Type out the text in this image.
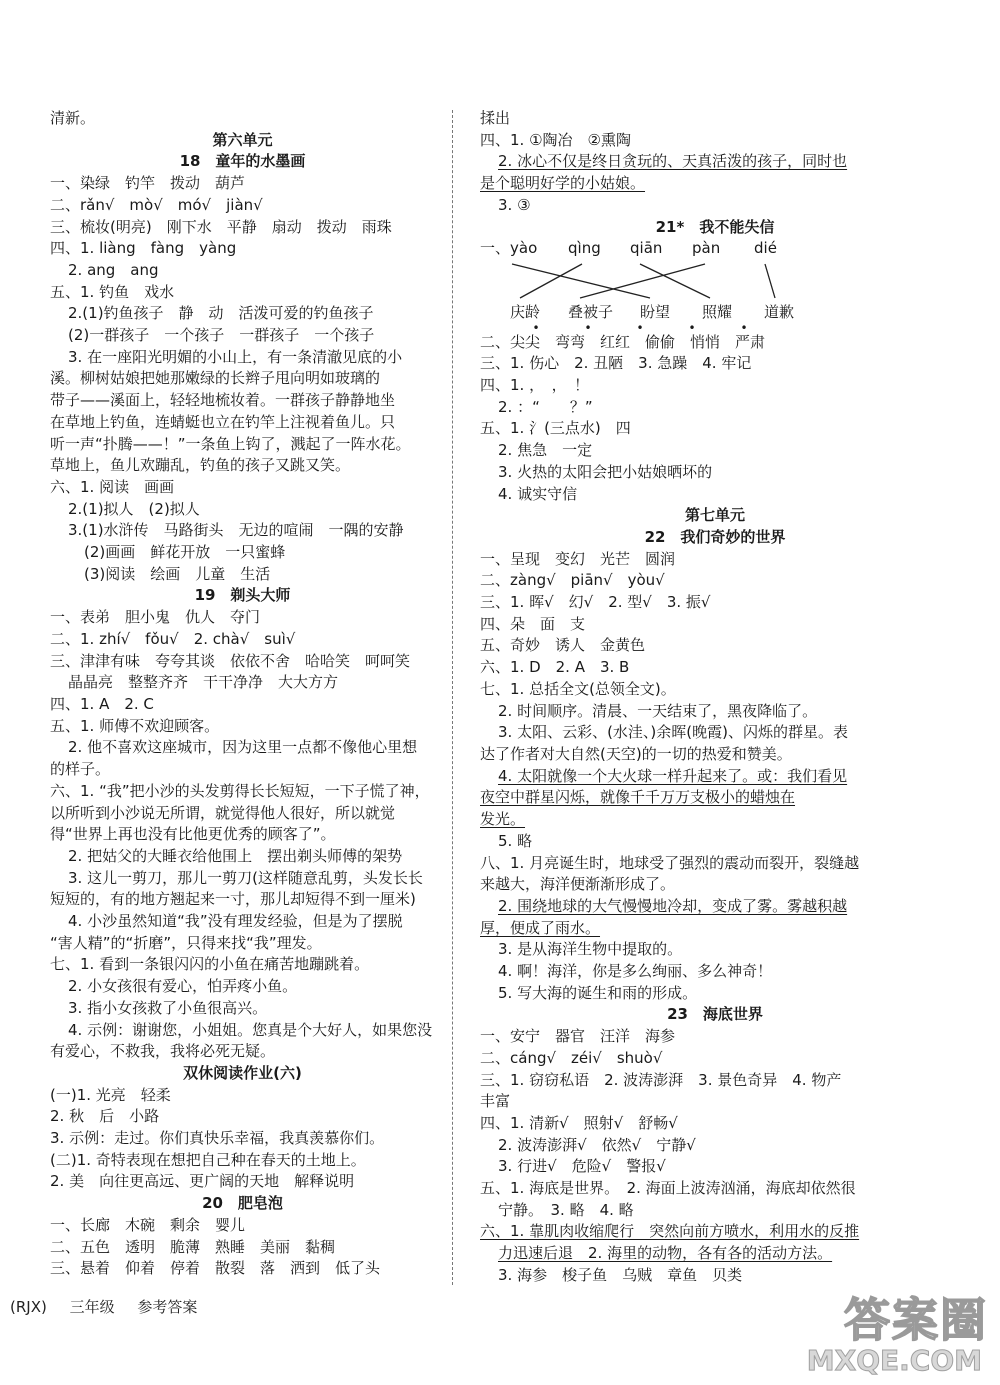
清新。
第六单元
18　童年的水墨画
一、染绿　钓竿　拨动　葫芦
二、rǎn√　mò√　mó√　jiàn√
三、梳妆(明亮)　刚下水　平静　扇动　拨动　雨珠
四、1. liàng　fàng　yàng
2. ang　ang
五、1. 钓鱼　戏水
2.(1)钓鱼孩子　静　动　活泼可爱的钓鱼孩子
(2)一群孩子　一个孩子　一群孩子　一个孩子
3. 在一座阳光明媚的小山上，有一条清澈见底的小
溪。柳树姑娘把她那嫩绿的长辫子甩向明如玻璃的
带子——溪面上，轻轻地梳妆着。一群孩子静静地坐
在草地上钓鱼，连蜻蜓也立在钓竿上注视着鱼儿。只
听一声“扑腾——！”一条鱼上钩了，溅起了一阵水花。
草地上，鱼儿欢蹦乱，钓鱼的孩子又跳又笑。
六、1. 阅读　画画
2.(1)拟人　(2)拟人
3.(1)水浒传　马路街头　无边的喧闹　一隅的安静
(2)画画　鲜花开放　一只蜜蜂
(3)阅读　绘画　儿童　生活
19　剃头大师
一、表弟　胆小鬼　仇人　夺门
二、1. zhí√　fǒu√　2. chà√　suì√
三、津津有味　夸夸其谈　依依不舍　哈哈笑　呵呵笑
晶晶亮　整整齐齐　干干净净　大大方方
四、1. A　2. C
五、1. 师傅不欢迎顾客。
2. 他不喜欢这座城市，因为这里一点都不像他心里想
的样子。
六、1. “我”把小沙的头发剪得长长短短，一下子慌了神，
以所听到小沙说无所谓，就觉得他人很好，所以就觉
得“世界上再也没有比他更优秀的顾客了”。
2. 把姑父的大睡衣给他围上　摆出剃头师傅的架势
3. 这儿一剪刀，那儿一剪刀(这样随意乱剪，头发长长
短短的，有的地方翘起来一寸，那儿却短得不到一厘米)
4. 小沙虽然知道“我”没有理发经验，但是为了摆脱
“害人精”的“折磨”，只得来找“我”理发。
七、1. 看到一条银闪闪的小鱼在痛苦地蹦跳着。
2. 小女孩很有爱心，怕弄疼小鱼。
3. 指小女孩救了小鱼很高兴。
4. 示例：谢谢您，小姐姐。您真是个大好人，如果您没
有爱心，不救我，我将必死无疑。
双休阅读作业(六)
(一)1. 光亮　轻柔
2. 秋　后　小路
3. 示例：走过。你们真快乐幸福，我真羡慕你们。
(二)1. 奇特表现在想把自己种在春天的土地上。
2. 美　向往更高远、更广阔的天地　解释说明
20　肥皂泡
一、长廊　木碗　剩余　婴儿
二、五色　透明　脆薄　熟睡　美丽　黏稠
三、悬着　仰着　停着　散裂　落　洒到　低了头
揉出
四、1. ①陶冶　②熏陶
2. 冰心不仅是终日贪玩的、天真活泼的孩子，同时也
是个聪明好学的小姑娘。
3. ③
21*　我不能失信
一、 yào	qìng	qiān	pàn	dié
庆龄	叠被子	盼望	照耀	道歉
•	•	•	•	•
二、尖尖　弯弯　红红　偷偷　悄悄　严肃
三、1. 伤心　2. 丑陋　3. 急躁　4. 牢记
四、1. ，　，　！
2. ：“　　？”
五、1. 氵(三点水)　四
2. 焦急　一定
3. 火热的太阳会把小姑娘晒坏的
4. 诚实守信
第七单元
22　我们奇妙的世界
一、呈现　变幻　光芒　圆润
二、zàng√　piān√　yòu√
三、1. 晖√　幻√　2. 型√　3. 振√
四、朵　面　支
五、奇妙　诱人　金黄色
六、1. D　2. A　3. B
七、1. 总括全文(总领全文)。
2. 时间顺序。清晨、一天结束了，黑夜降临了。
3. 太阳、云彩、(水洼、)余晖(晚霞)、闪烁的群星。表
达了作者对大自然(天空)的一切的热爱和赞美。
4. 太阳就像一个大火球一样升起来了。或：我们看见
夜空中群星闪烁，就像千千万万支极小的蜡烛在
发光。
5. 略
八、1. 月亮诞生时，地球受了强烈的震动而裂开，裂缝越
来越大，海洋便渐渐形成了。
2. 围绕地球的大气慢慢地冷却，变成了雾。雾越积越
厚，便成了雨水。
3. 是从海洋生物中提取的。
4. 啊！海洋，你是多么绚丽、多么神奇！
5. 写大海的诞生和雨的形成。
23　海底世界
一、安宁　器官　汪洋　海参
二、cáng√　zéi√　shuò√
三、1. 窃窃私语　2. 波涛澎湃　3. 景色奇异　4. 物产
丰富
四、1. 清新√　照射√　舒畅√
2. 波涛澎湃√　依然√　宁静√
3. 行进√　危险√　警报√
五、1. 海底是世界。　2. 海面上波涛汹涌，海底却依然很
宁静。　3. 略　4. 略
六、1. 靠肌肉收缩爬行　突然向前方喷水，利用水的反推
力迅速后退　2. 海里的动物，各有各的活动方法。
3. 海参　梭子鱼　乌贼　章鱼　贝类
(RJX) 三年级 参考答案	答案圈
MXQE.COM
